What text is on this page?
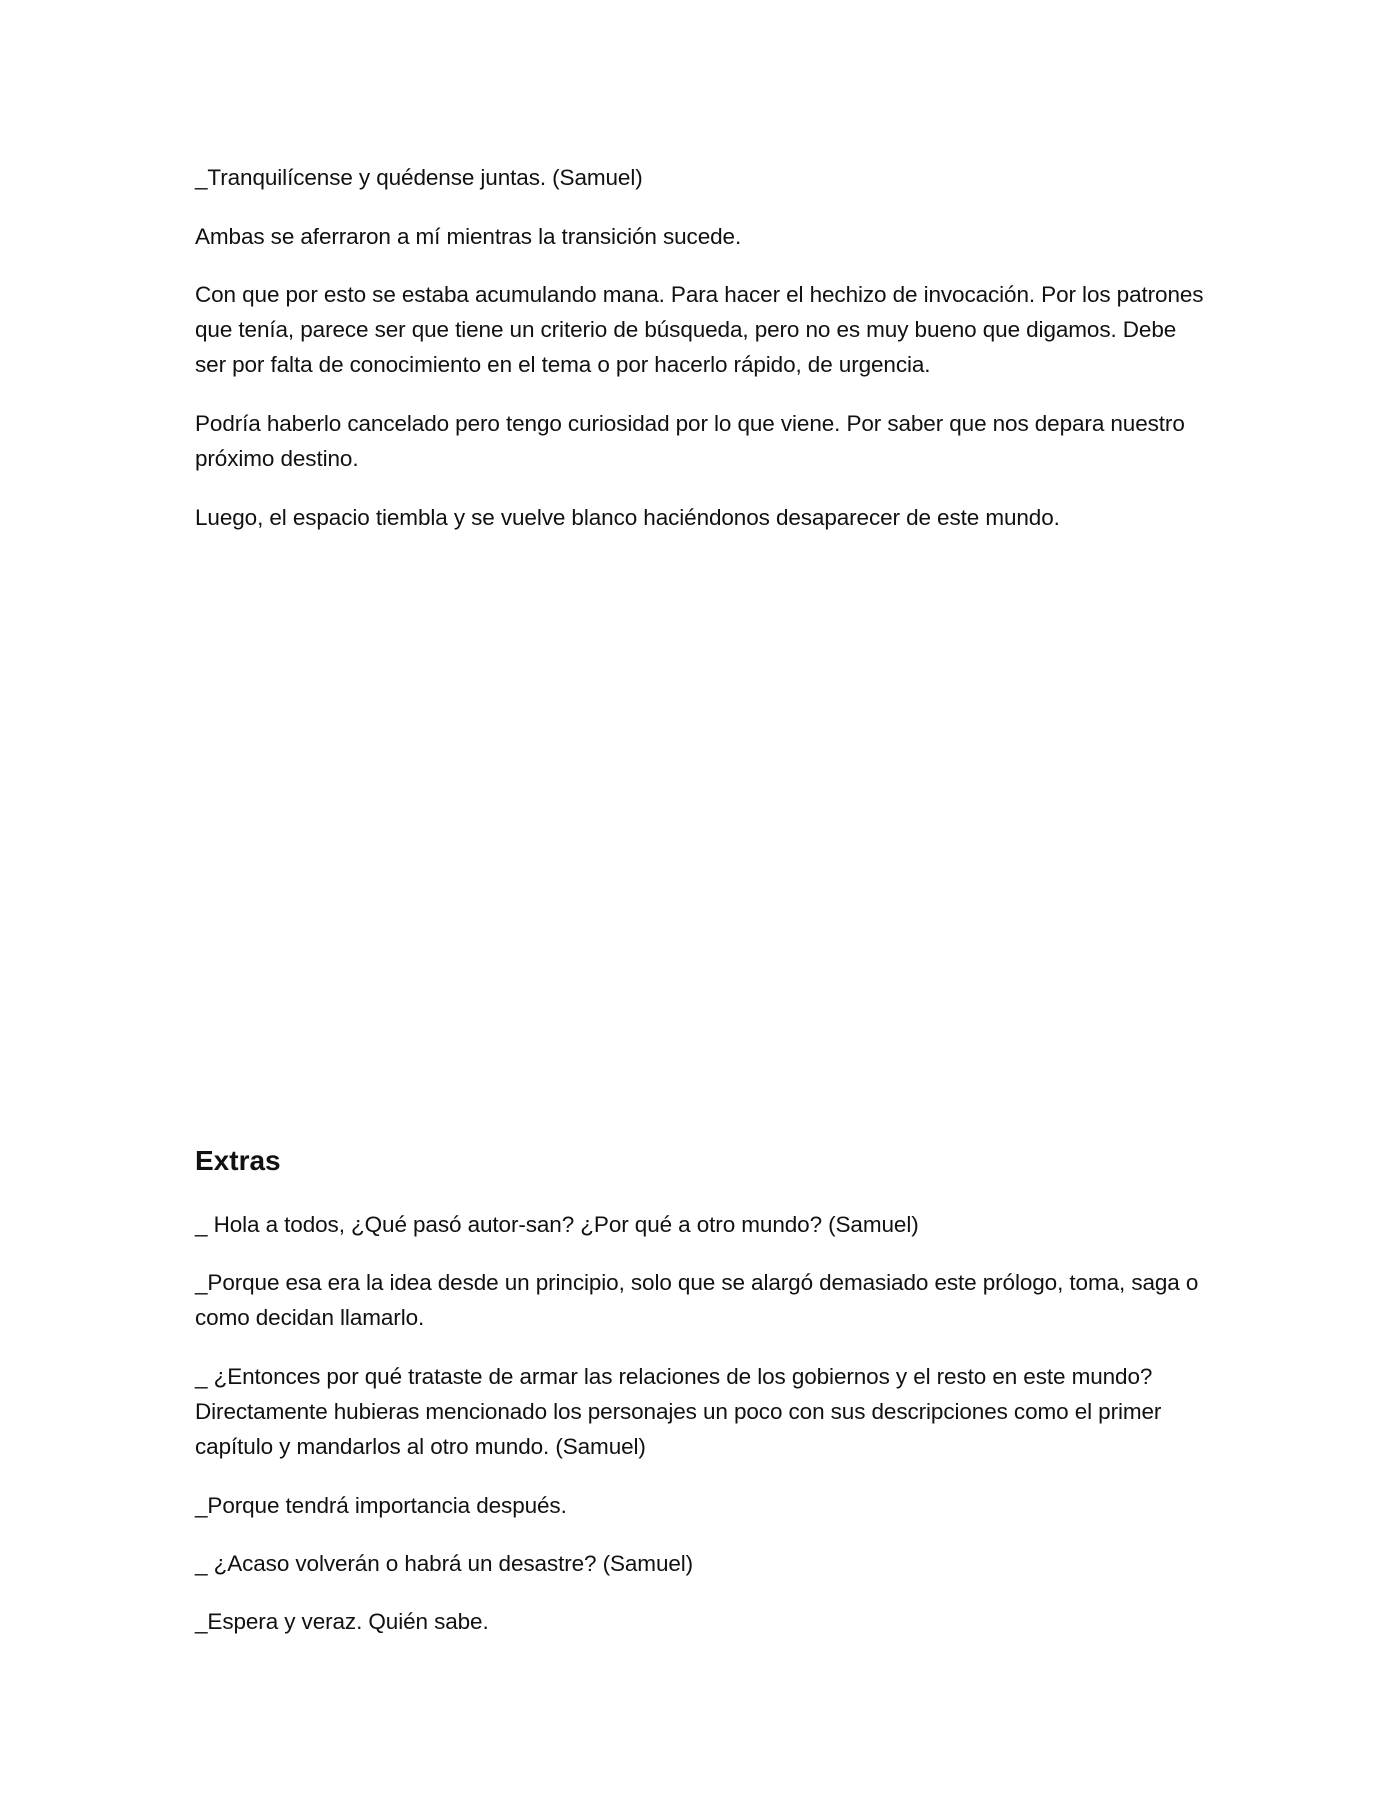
_Tranquilícense y quédense juntas. (Samuel)

Ambas se aferraron a mí mientras la transición sucede.

Con que por esto se estaba acumulando mana. Para hacer el hechizo de invocación. Por los patrones que tenía, parece ser que tiene un criterio de búsqueda, pero no es muy bueno que digamos. Debe ser por falta de conocimiento en el tema o por hacerlo rápido, de urgencia.

Podría haberlo cancelado pero tengo curiosidad por lo que viene. Por saber que nos depara nuestro próximo destino.

Luego, el espacio tiembla y se vuelve blanco haciéndonos desaparecer de este mundo.

Extras

_ Hola a todos, ¿Qué pasó autor-san? ¿Por qué a otro mundo? (Samuel)

_Porque esa era la idea desde un principio, solo que se alargó demasiado este prólogo, toma, saga o como decidan llamarlo.

_ ¿Entonces por qué trataste de armar las relaciones de los gobiernos y el resto en este mundo? Directamente hubieras mencionado los personajes un poco con sus descripciones como el primer capítulo y mandarlos al otro mundo. (Samuel)

_Porque tendrá importancia después.

_ ¿Acaso volverán o habrá un desastre? (Samuel)

_Espera y veraz. Quién sabe.
